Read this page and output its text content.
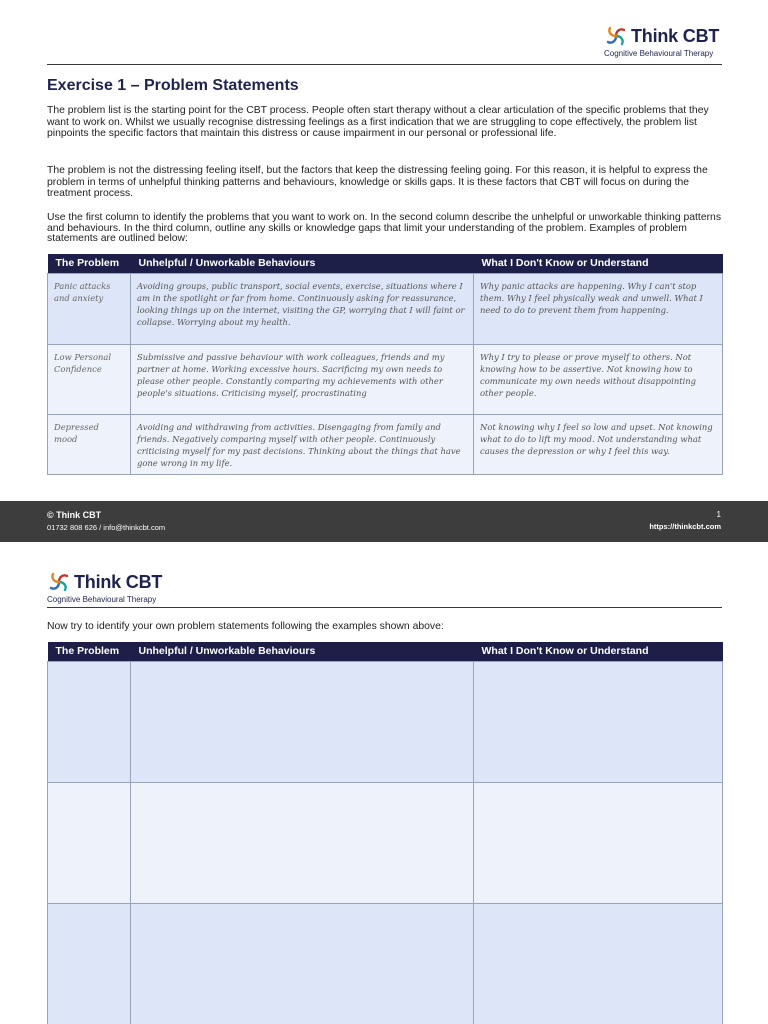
Think CBT
Cognitive Behavioural Therapy
Exercise 1 – Problem Statements

The problem list is the starting point for the CBT process. People often start therapy without a clear articulation of the specific problems that they want to work on. Whilst we usually recognise distressing feelings as a first indication that we are struggling to cope effectively, the problem list pinpoints the specific factors that maintain this distress or cause impairment in our personal or professional life.

The problem is not the distressing feeling itself, but the factors that keep the distressing feeling going. For this reason, it is helpful to express the problem in terms of unhelpful thinking patterns and behaviours, knowledge or skills gaps. It is these factors that CBT will focus on during the treatment process.

Use the first column to identify the problems that you want to work on. In the second column describe the unhelpful or unworkable thinking patterns and behaviours. In the third column, outline any skills or knowledge gaps that limit your understanding of the problem. Examples of problem statements are outlined below:

The Problem	Unhelpful / Unworkable Behaviours	What I Don't Know or Understand
Panic attacks and anxiety	Avoiding groups, public transport, social events, exercise, situations where I am in the spotlight or far from home. Continuously asking for reassurance, looking things up on the internet, visiting the GP, worrying that I will faint or collapse. Worrying about my health.	Why panic attacks are happening. Why I can't stop them. Why I feel physically weak and unwell. What I need to do to prevent them from happening.
Low Personal Confidence	Submissive and passive behaviour with work colleagues, friends and my partner at home. Working excessive hours. Sacrificing my own needs to please other people. Constantly comparing my achievements with other people's situations. Criticising myself, procrastinating	Why I try to please or prove myself to others. Not knowing how to be assertive. Not knowing how to communicate my own needs without disappointing other people.
Depressed mood	Avoiding and withdrawing from activities. Disengaging from family and friends. Negatively comparing myself with other people. Continuously criticising myself for my past decisions. Thinking about the things that have gone wrong in my life.	Not knowing why I feel so low and upset. Not knowing what to do to lift my mood. Not understanding what causes the depression or why I feel this way.
© Think CBT
01732 808 626 / info@thinkcbt.com
1
https://thinkcbt.com
Think CBT
Cognitive Behavioural Therapy

Now try to identify your own problem statements following the examples shown above:

The Problem	Unhelpful / Unworkable Behaviours	What I Don't Know or Understand
